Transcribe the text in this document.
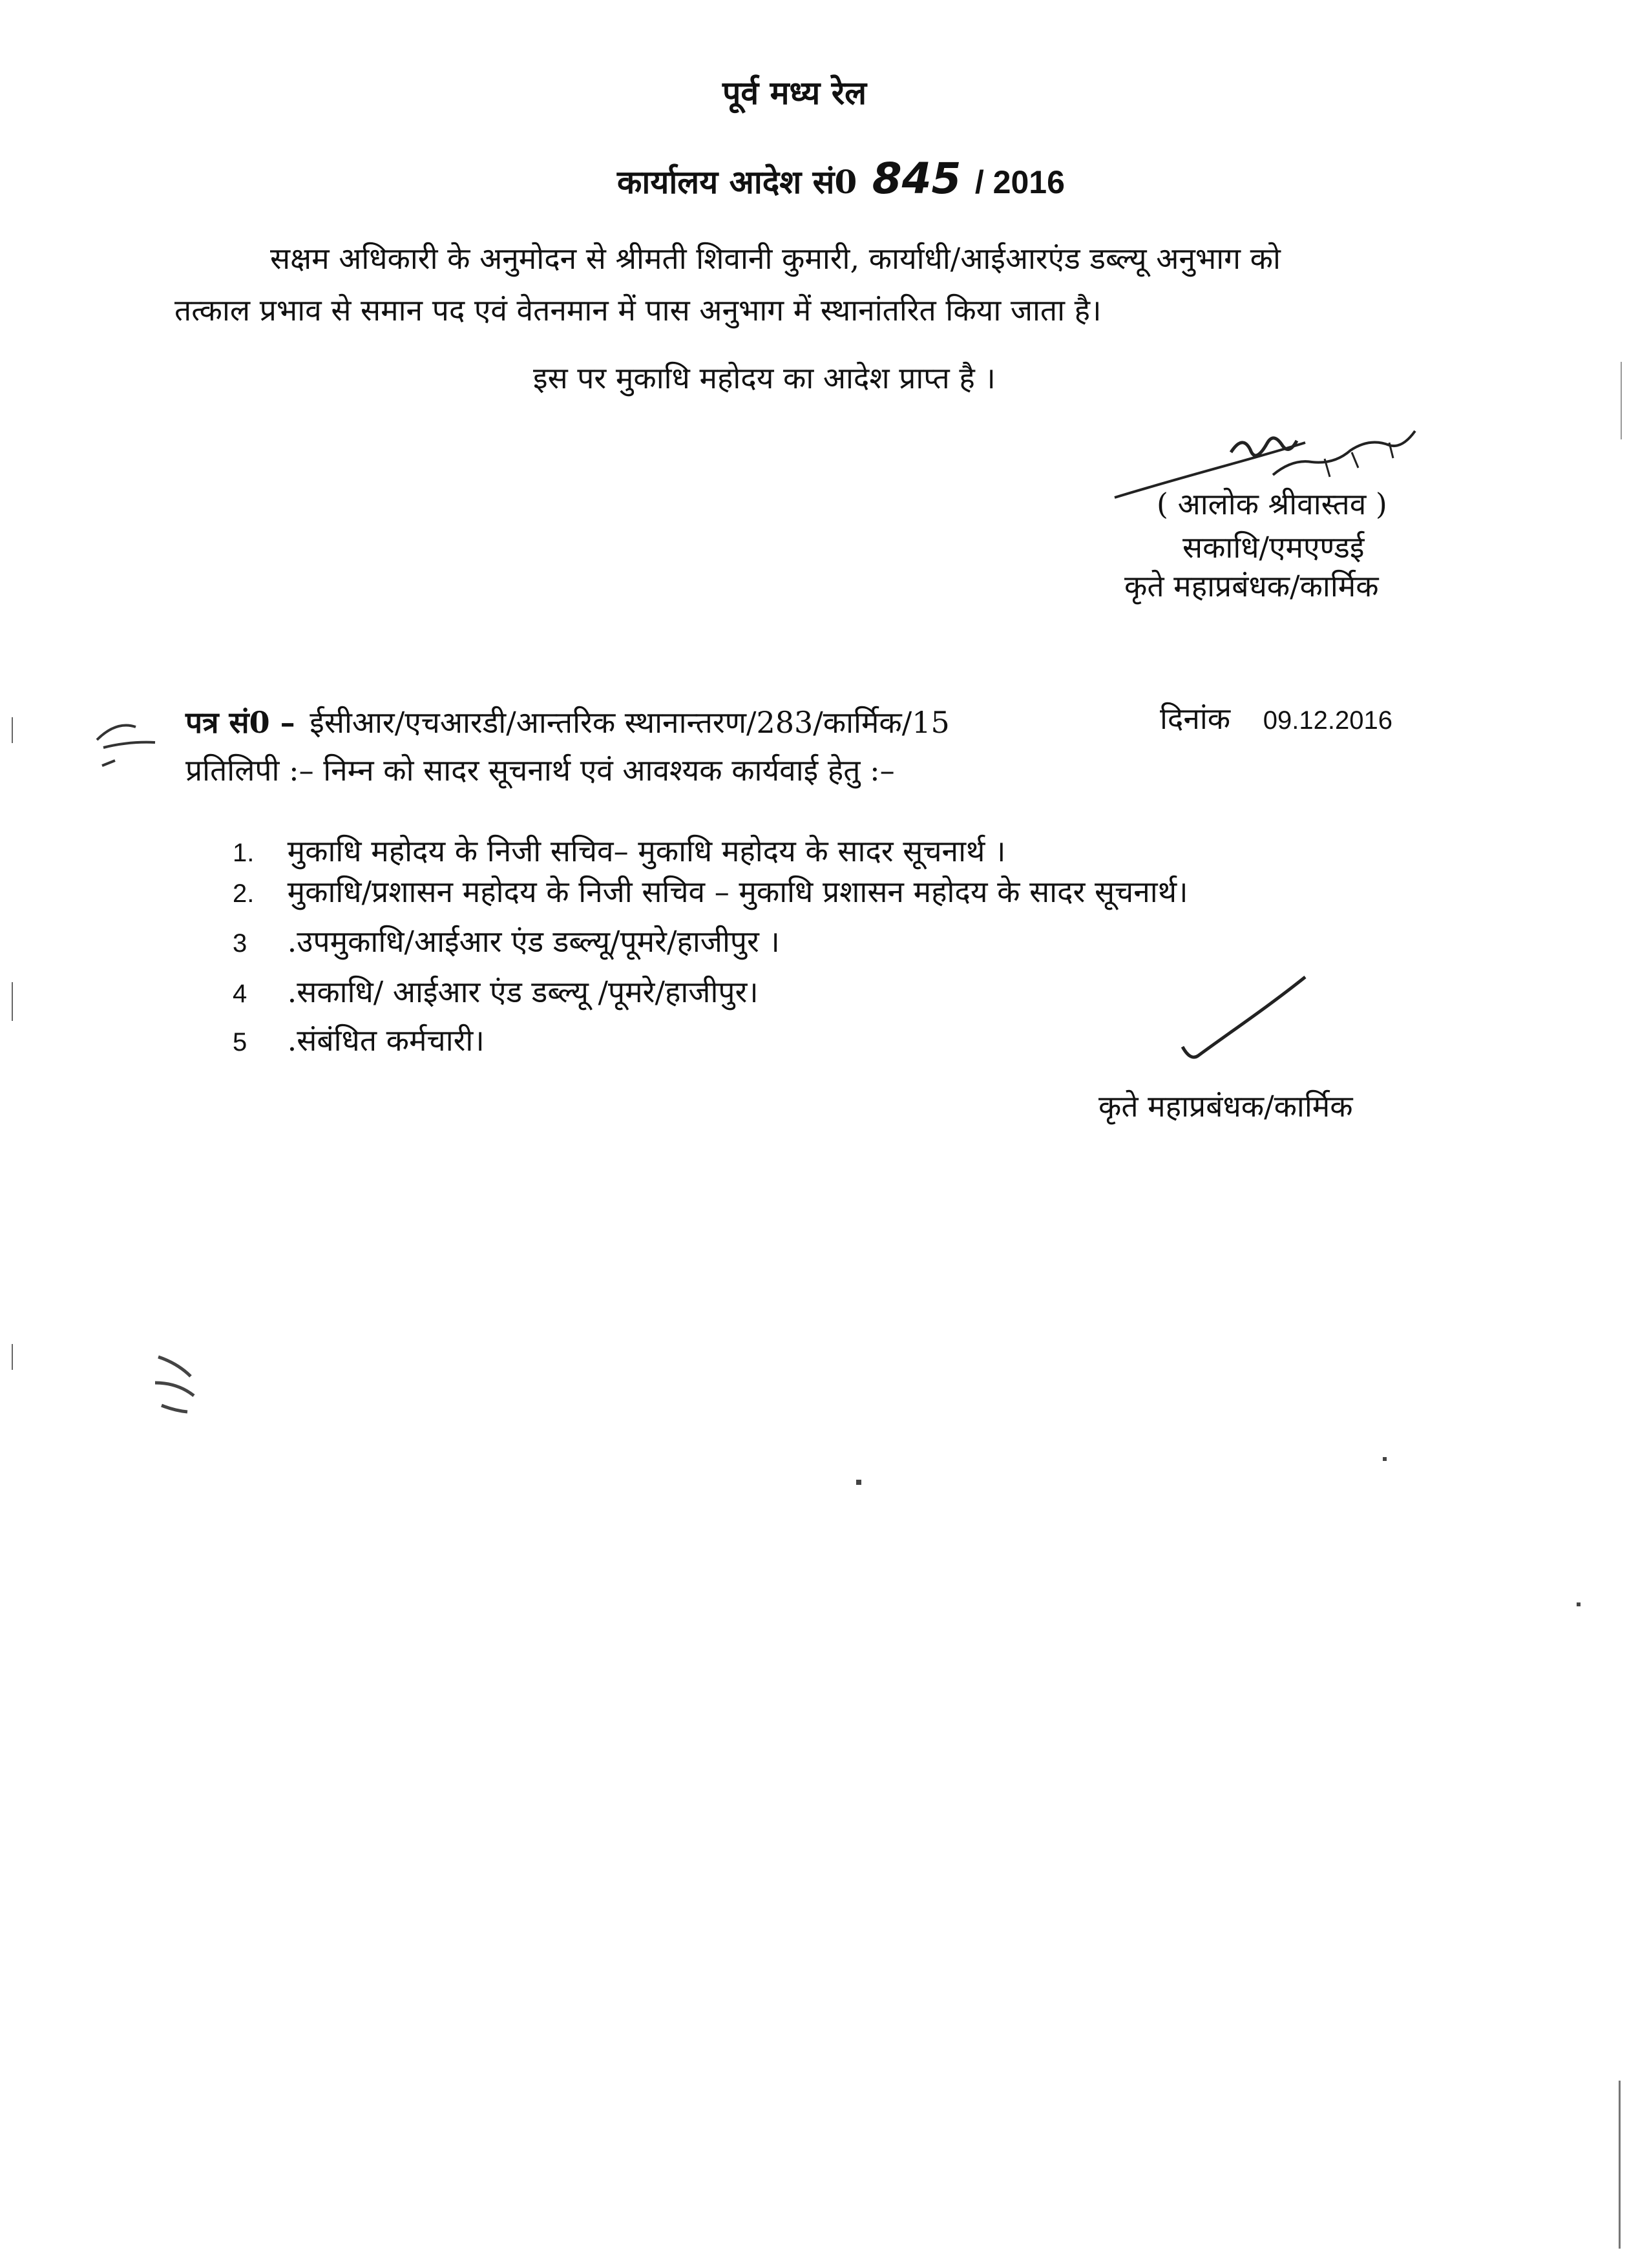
पूर्व मध्य रेल
कार्यालय आदेश सं0 845 / 2016
सक्षम अधिकारी के अनुमोदन से श्रीमती शिवानी कुमारी, कार्याधी/आईआरएंड डब्ल्यू अनुभाग को
तत्काल प्रभाव से समान पद एवं वेतनमान में पास अनुभाग में स्थानांतरित किया जाता है।
इस पर मुकाधि महोदय का आदेश प्राप्त है ।
( आलोक श्रीवास्तव )
सकाधि/एमएण्डई
कृते महाप्रबंधक/कार्मिक
पत्र सं0 – ईसीआर/एचआरडी/आन्तरिक स्थानान्तरण/283/कार्मिक/15	दिनांक 09.12.2016
प्रतिलिपी :– निम्न को सादर सूचनार्थ एवं आवश्यक कार्यवाई हेतु :–
1. मुकाधि महोदय के निजी सचिव– मुकाधि महोदय के सादर सूचनार्थ ।
2. मुकाधि/प्रशासन महोदय के निजी सचिव – मुकाधि प्रशासन महोदय के सादर सूचनार्थ।
3 .उपमुकाधि/आईआर एंड डब्ल्यू/पूमरे/हाजीपुर ।
4 .सकाधि/ आईआर एंड डब्ल्यू /पूमरे/हाजीपुर।
5 .संबंधित कर्मचारी।
कृते महाप्रबंधक/कार्मिक
